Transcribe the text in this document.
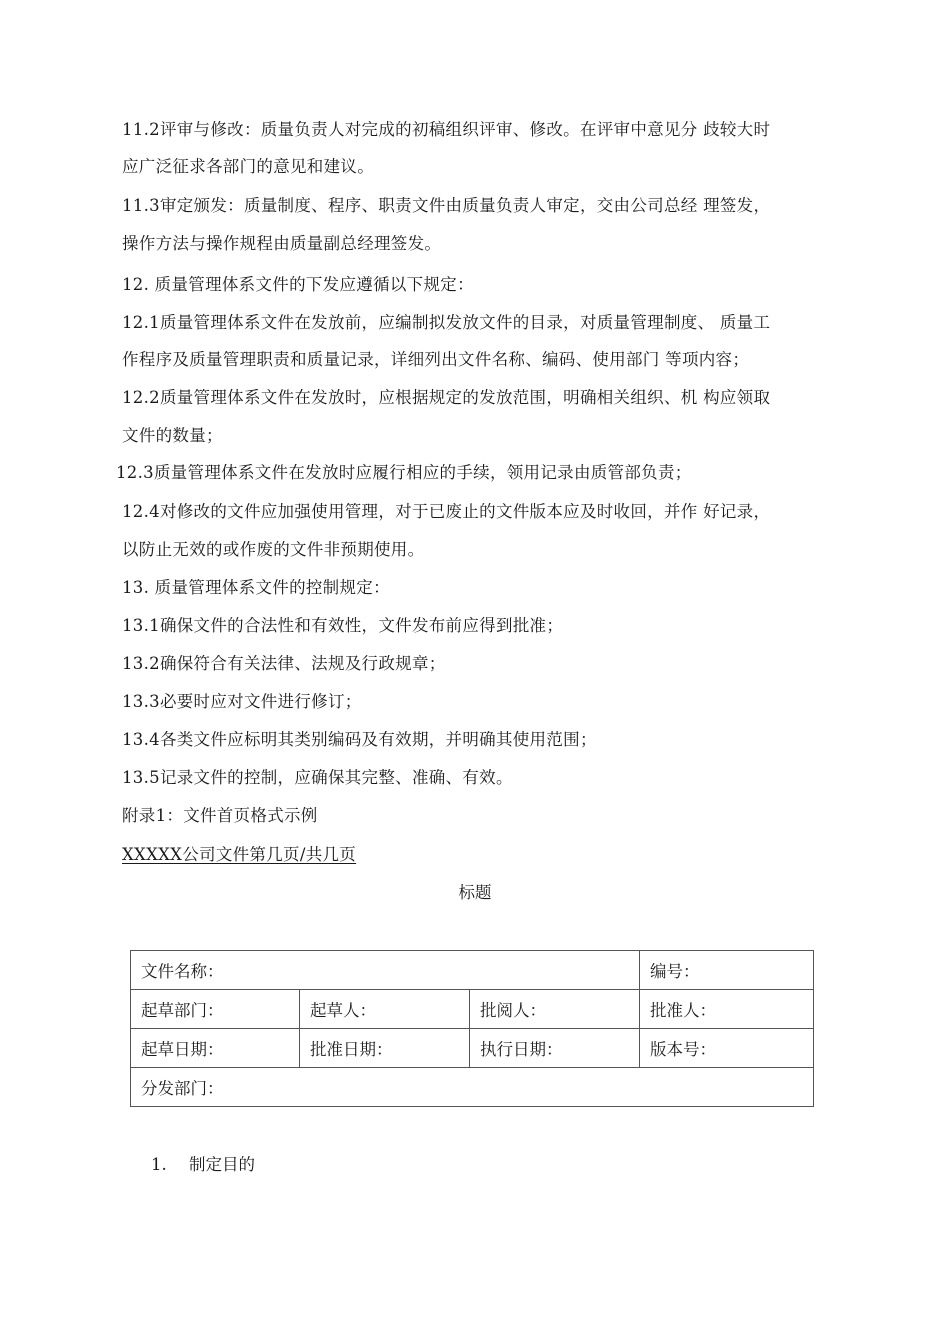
11.2评审与修改：质量负责人对完成的初稿组织评审、修改。在评审中意见分 歧较大时
应广泛征求各部门的意见和建议。
11.3审定颁发：质量制度、程序、职责文件由质量负责人审定，交由公司总经 理签发，
操作方法与操作规程由质量副总经理签发。
12. 质量管理体系文件的下发应遵循以下规定：
12.1质量管理体系文件在发放前，应编制拟发放文件的目录，对质量管理制度、 质量工
作程序及质量管理职责和质量记录，详细列出文件名称、编码、使用部门 等项内容；
12.2质量管理体系文件在发放时，应根据规定的发放范围，明确相关组织、机 构应领取
文件的数量；
12.3质量管理体系文件在发放时应履行相应的手续，领用记录由质管部负责；
12.4对修改的文件应加强使用管理，对于已废止的文件版本应及时收回，并作 好记录，
以防止无效的或作废的文件非预期使用。
13. 质量管理体系文件的控制规定：
13.1确保文件的合法性和有效性，文件发布前应得到批准；
13.2确保符合有关法律、法规及行政规章；
13.3必要时应对文件进行修订；
13.4各类文件应标明其类别编码及有效期，并明确其使用范围；
13.5记录文件的控制，应确保其完整、准确、有效。
附录1：文件首页格式示例
XXXXX公司文件第几页/共几页
标题
文件名称：			编号：
起草部门：	起草人：	批阅人：	批准人：
起草日期：	批准日期：	执行日期：	版本号：
分发部门：			
1. 制定目的
